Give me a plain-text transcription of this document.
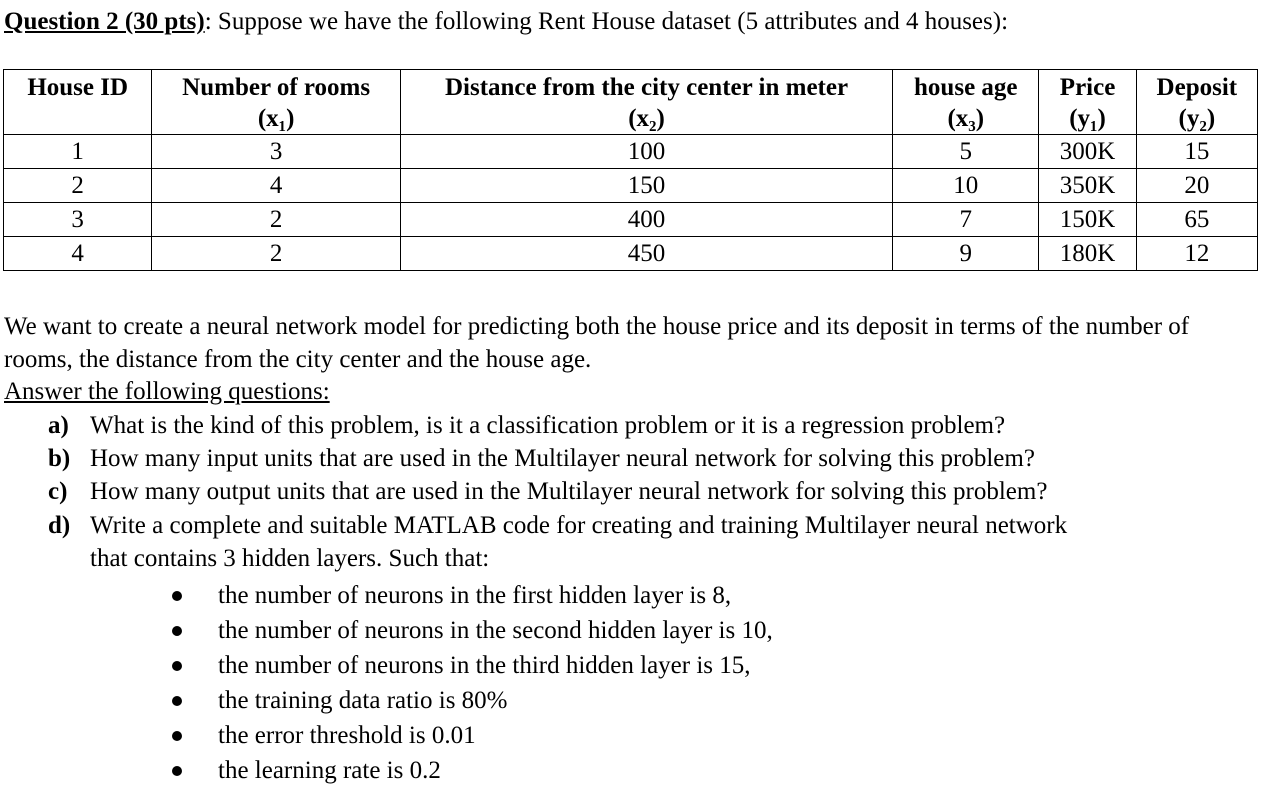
Question 2 (30 pts): Suppose we have the following Rent House dataset (5 attributes and 4 houses):
House ID	Number of rooms	Distance from the city center in meter	house age	Price	Deposit
	(x₁)	(x₂)	(x₃)	(y₁)	(y₂)
1	3	100	5	300K	15
2	4	150	10	350K	20
3	2	400	7	150K	65
4	2	450	9	180K	12
We want to create a neural network model for predicting both the house price and its deposit in terms of the number of rooms, the distance from the city center and the house age.
Answer the following questions:
a) What is the kind of this problem, is it a classification problem or it is a regression problem?
b) How many input units that are used in the Multilayer neural network for solving this problem?
c) How many output units that are used in the Multilayer neural network for solving this problem?
d) Write a complete and suitable MATLAB code for creating and training Multilayer neural network
that contains 3 hidden layers. Such that:
the number of neurons in the first hidden layer is 8,
the number of neurons in the second hidden layer is 10,
the number of neurons in the third hidden layer is 15,
the training data ratio is 80%
the error threshold is 0.01
the learning rate is 0.2
